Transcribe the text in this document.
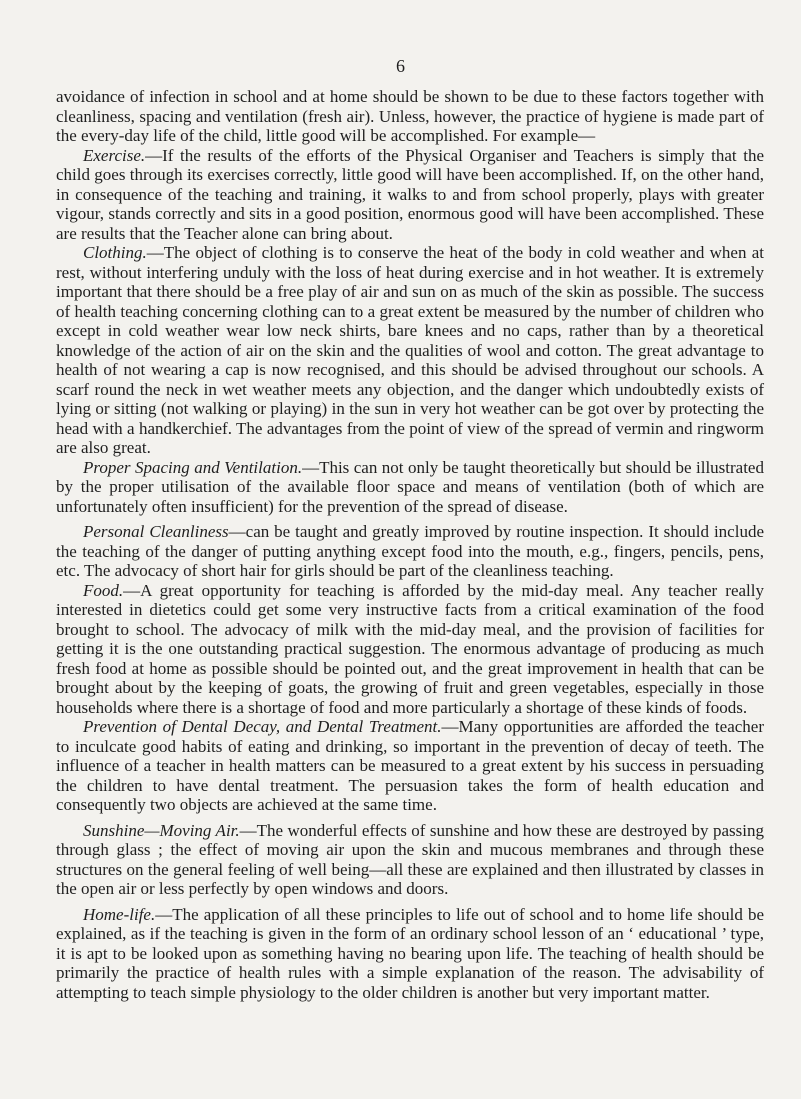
6

avoidance of infection in school and at home should be shown to be due to these factors together with cleanliness, spacing and ventilation (fresh air). Unless, however, the practice of hygiene is made part of the every-day life of the child, little good will be accomplished. For example—

Exercise.—If the results of the efforts of the Physical Organiser and Teachers is simply that the child goes through its exercises correctly, little good will have been accomplished. If, on the other hand, in consequence of the teaching and training, it walks to and from school properly, plays with greater vigour, stands correctly and sits in a good position, enormous good will have been accomplished. These are results that the Teacher alone can bring about.

Clothing.—The object of clothing is to conserve the heat of the body in cold weather and when at rest, without interfering unduly with the loss of heat during exercise and in hot weather. It is extremely important that there should be a free play of air and sun on as much of the skin as possible. The success of health teaching concerning clothing can to a great extent be measured by the number of children who except in cold weather wear low neck shirts, bare knees and no caps, rather than by a theoretical knowledge of the action of air on the skin and the qualities of wool and cotton. The great advantage to health of not wearing a cap is now recognised, and this should be advised throughout our schools. A scarf round the neck in wet weather meets any objection, and the danger which undoubtedly exists of lying or sitting (not walking or playing) in the sun in very hot weather can be got over by protecting the head with a handkerchief. The advantages from the point of view of the spread of vermin and ringworm are also great.

Proper Spacing and Ventilation.—This can not only be taught theoretically but should be illustrated by the proper utilisation of the available floor space and means of ventilation (both of which are unfortunately often insufficient) for the prevention of the spread of disease.

Personal Cleanliness—can be taught and greatly improved by routine inspection. It should include the teaching of the danger of putting anything except food into the mouth, e.g., fingers, pencils, pens, etc. The advocacy of short hair for girls should be part of the cleanliness teaching.

Food.—A great opportunity for teaching is afforded by the mid-day meal. Any teacher really interested in dietetics could get some very instructive facts from a critical examination of the food brought to school. The advocacy of milk with the mid-day meal, and the provision of facilities for getting it is the one outstanding practical suggestion. The enormous advantage of producing as much fresh food at home as possible should be pointed out, and the great improvement in health that can be brought about by the keeping of goats, the growing of fruit and green vegetables, especially in those households where there is a shortage of food and more particularly a shortage of these kinds of foods.

Prevention of Dental Decay, and Dental Treatment.—Many opportunities are afforded the teacher to inculcate good habits of eating and drinking, so important in the prevention of decay of teeth. The influence of a teacher in health matters can be measured to a great extent by his success in persuading the children to have dental treatment. The persuasion takes the form of health education and consequently two objects are achieved at the same time.

Sunshine—Moving Air.—The wonderful effects of sunshine and how these are destroyed by passing through glass ; the effect of moving air upon the skin and mucous membranes and through these structures on the general feeling of well being—all these are explained and then illustrated by classes in the open air or less perfectly by open windows and doors.

Home-life.—The application of all these principles to life out of school and to home life should be explained, as if the teaching is given in the form of an ordinary school lesson of an ‘ educational ’ type, it is apt to be looked upon as something having no bearing upon life. The teaching of health should be primarily the practice of health rules with a simple explanation of the reason. The advisability of attempting to teach simple physiology to the older children is another but very important matter.
